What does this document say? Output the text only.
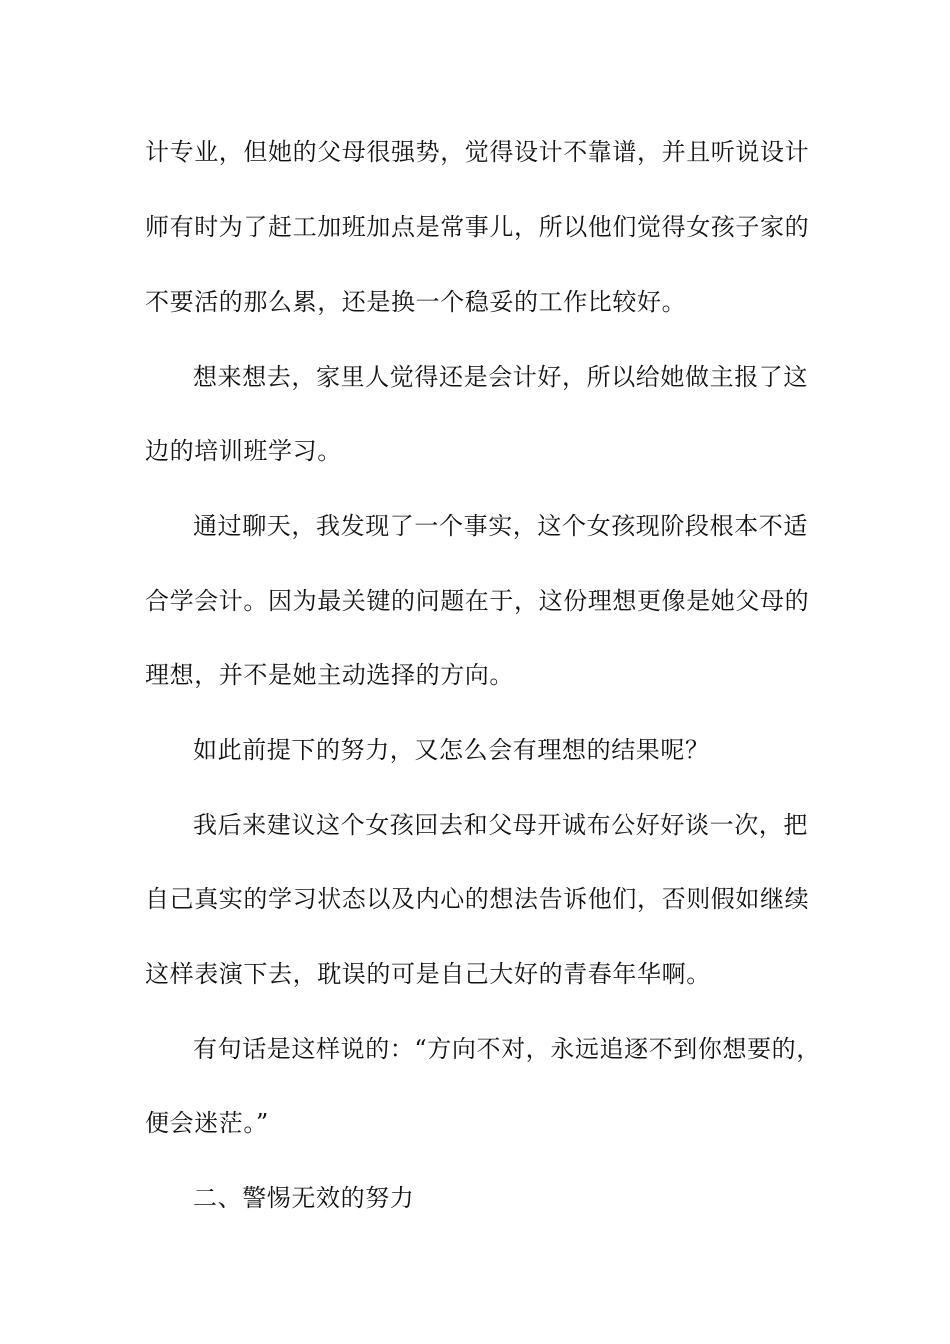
计专业，但她的父母很强势，觉得设计不靠谱，并且听说设计
师有时为了赶工加班加点是常事儿，所以他们觉得女孩子家的
不要活的那么累，还是换一个稳妥的工作比较好。
想来想去，家里人觉得还是会计好，所以给她做主报了这
边的培训班学习。
通过聊天，我发现了一个事实，这个女孩现阶段根本不适
合学会计。因为最关键的问题在于，这份理想更像是她父母的
理想，并不是她主动选择的方向。
如此前提下的努力，又怎么会有理想的结果呢？
我后来建议这个女孩回去和父母开诚布公好好谈一次，把
自己真实的学习状态以及内心的想法告诉他们，否则假如继续
这样表演下去，耽误的可是自己大好的青春年华啊。
有句话是这样说的：“方向不对，永远追逐不到你想要的，
便会迷茫。”
二、警惕无效的努力
